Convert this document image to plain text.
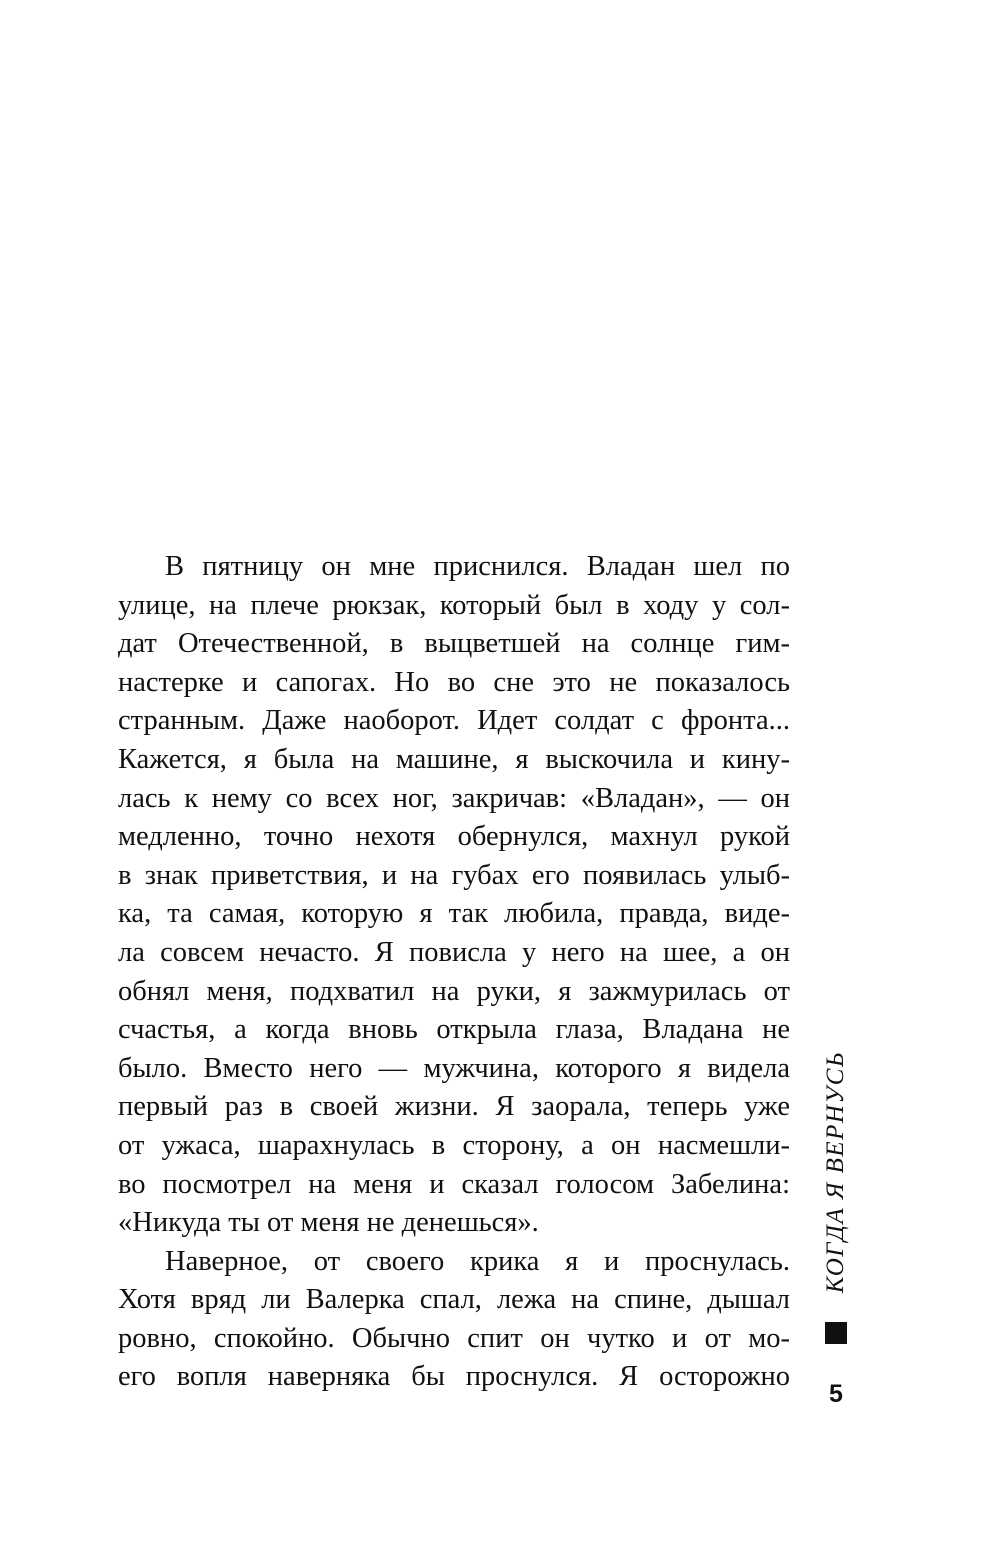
В пятницу он мне приснился. Владан шел по
улице, на плече рюкзак, который был в ходу у сол-
дат Отечественной, в выцветшей на солнце гим-
настерке и сапогах. Но во сне это не показалось
странным. Даже наоборот. Идет солдат с фронта...
Кажется, я была на машине, я выскочила и кину-
лась к нему со всех ног, закричав: «Владан», — он
медленно, точно нехотя обернулся, махнул рукой
в знак приветствия, и на губах его появилась улыб-
ка, та самая, которую я так любила, правда, виде-
ла совсем нечасто. Я повисла у него на шее, а он
обнял меня, подхватил на руки, я зажмурилась от
счастья, а когда вновь открыла глаза, Владана не
было. Вместо него — мужчина, которого я видела
первый раз в своей жизни. Я заорала, теперь уже
от ужаса, шарахнулась в сторону, а он насмешли-
во посмотрел на меня и сказал голосом Забелина:
«Никуда ты от меня не денешься».
Наверное, от своего крика я и проснулась.
Хотя вряд ли Валерка спал, лежа на спине, дышал
ровно, спокойно. Обычно спит он чутко и от мо-
его вопля наверняка бы проснулся. Я осторожно
КОГДА Я ВЕРНУСЬ
5
